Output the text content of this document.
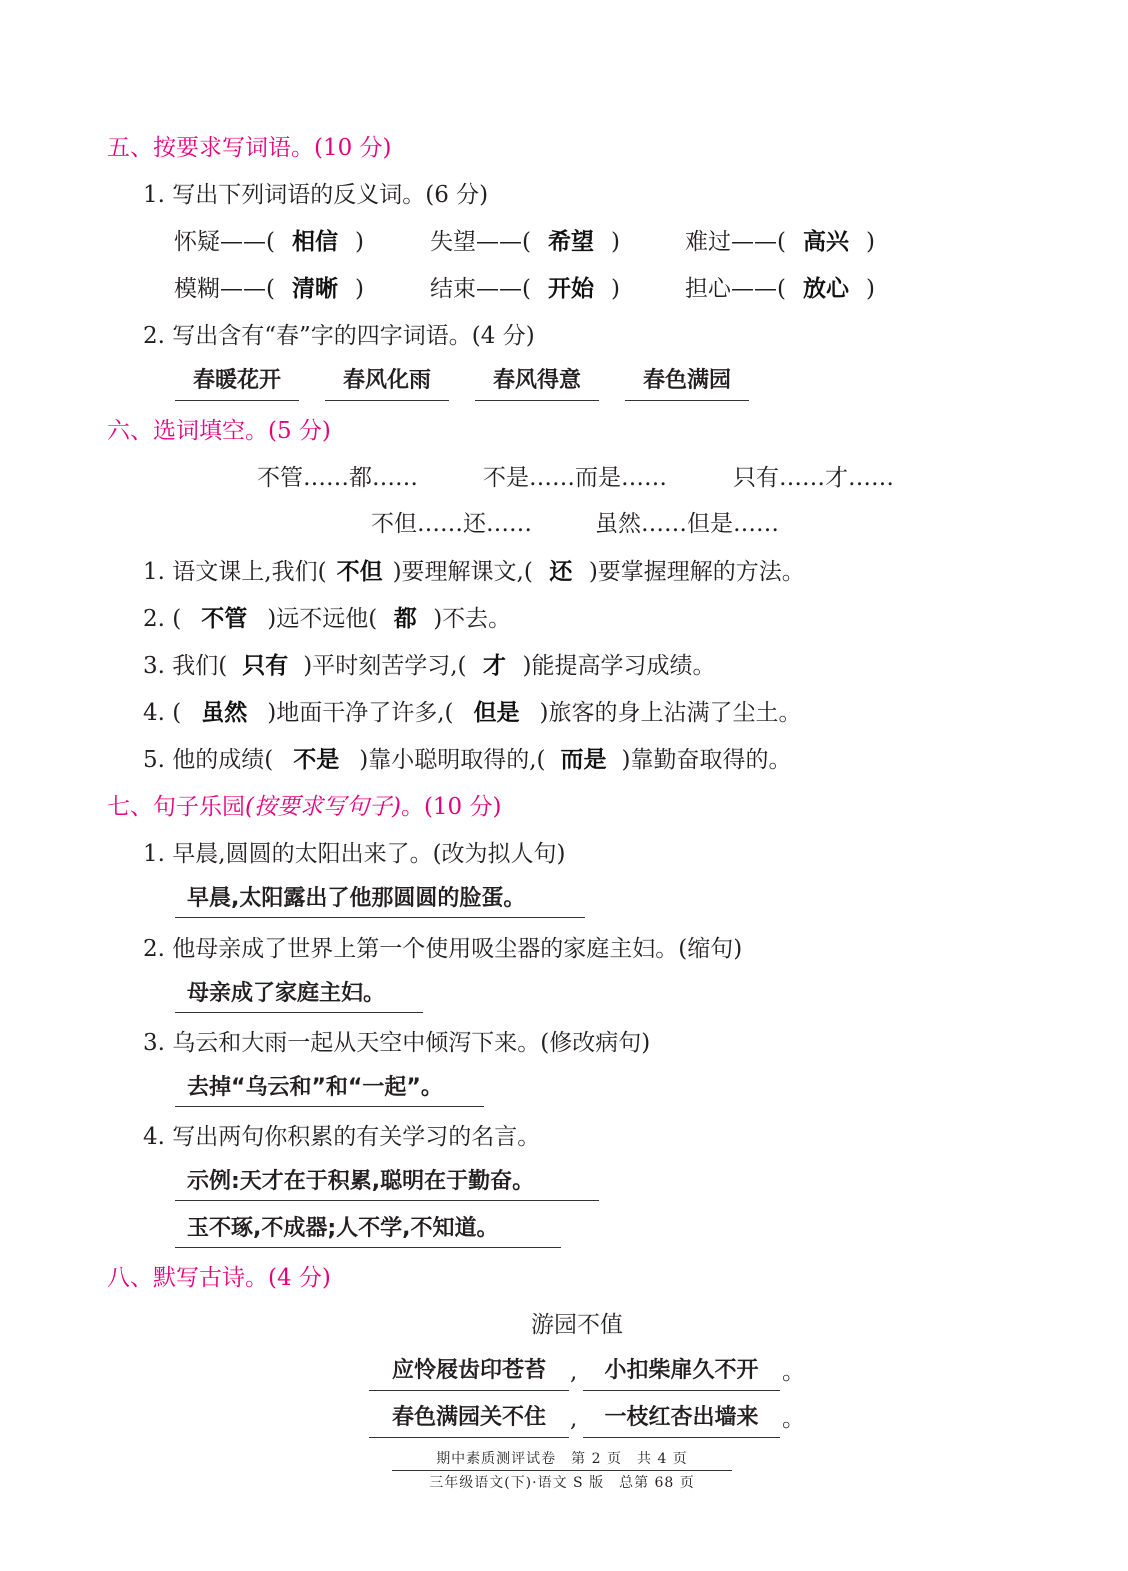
五、按要求写词语。(10 分)
1. 写出下列词语的反义词。(6 分)
怀疑——( 相信 )	失望——( 希望 )	难过——( 高兴 )
模糊——( 清晰 )	结束——( 开始 )	担心——( 放心 )
2. 写出含有“春”字的四字词语。(4 分)
春暖花开	春风化雨	春风得意	春色满园
六、选词填空。(5 分)
不管……都……	不是……而是……	只有……才……
不但……还……	虽然……但是……
1. 语文课上,我们( 不但 )要理解课文,( 还 )要掌握理解的方法。
2. ( 不管 )远不远他( 都 )不去。
3. 我们( 只有 )平时刻苦学习,( 才 )能提高学习成绩。
4. ( 虽然 )地面干净了许多,( 但是 )旅客的身上沾满了尘土。
5. 他的成绩( 不是 )靠小聪明取得的,( 而是 )靠勤奋取得的。
七、句子乐园(按要求写句子)。(10 分)
1. 早晨,圆圆的太阳出来了。(改为拟人句)
早晨,太阳露出了他那圆圆的脸蛋。
2. 他母亲成了世界上第一个使用吸尘器的家庭主妇。(缩句)
母亲成了家庭主妇。
3. 乌云和大雨一起从天空中倾泻下来。(修改病句)
去掉“乌云和”和“一起”。
4. 写出两句你积累的有关学习的名言。
示例:天才在于积累,聪明在于勤奋。
玉不琢,不成器;人不学,不知道。
八、默写古诗。(4 分)
游园不值
应怜屐齿印苍苔	,	小扣柴扉久不开	。
春色满园关不住	,	一枝红杏出墙来	。
期中素质测评试卷　第 2 页　共 4 页
三年级语文(下)·语文 S 版　总第 68 页
